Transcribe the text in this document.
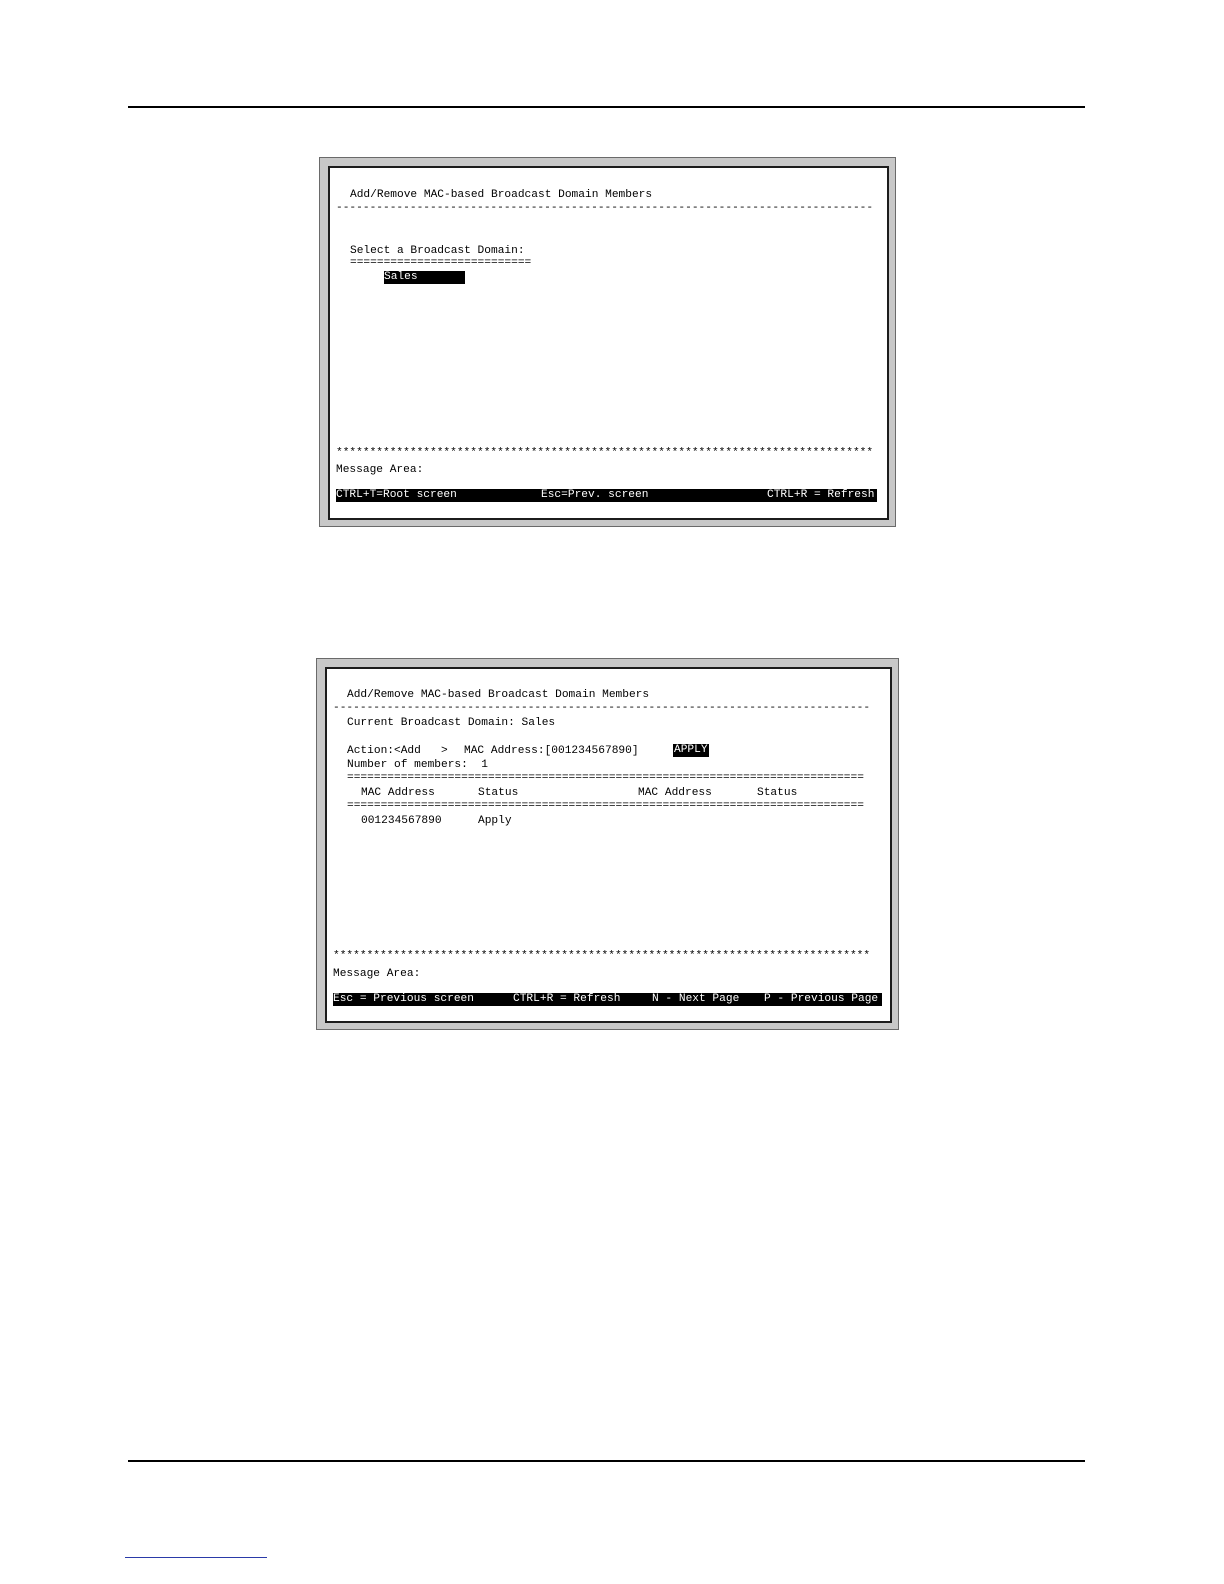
Add/Remove MAC-based Broadcast Domain Members
--------------------------------------------------------------------------------
Select a Broadcast Domain:
===========================
Sales
********************************************************************************
Message Area:

CTRL+T=Root screen

	Esc=Prev. screen

	CTRL+R = Refresh

Add/Remove MAC-based Broadcast Domain Members
--------------------------------------------------------------------------------
Current Broadcast Domain: Sales
Action:<Add   > MAC Address:[001234567890]	APPLY
Number of members:  1
=============================================================================
MAC Address	Status	MAC Address	Status
=============================================================================
001234567890	Apply
********************************************************************************
Message Area:

Esc = Previous screen

	CTRL+R = Refresh

	N - Next Page

P - Previous Page
